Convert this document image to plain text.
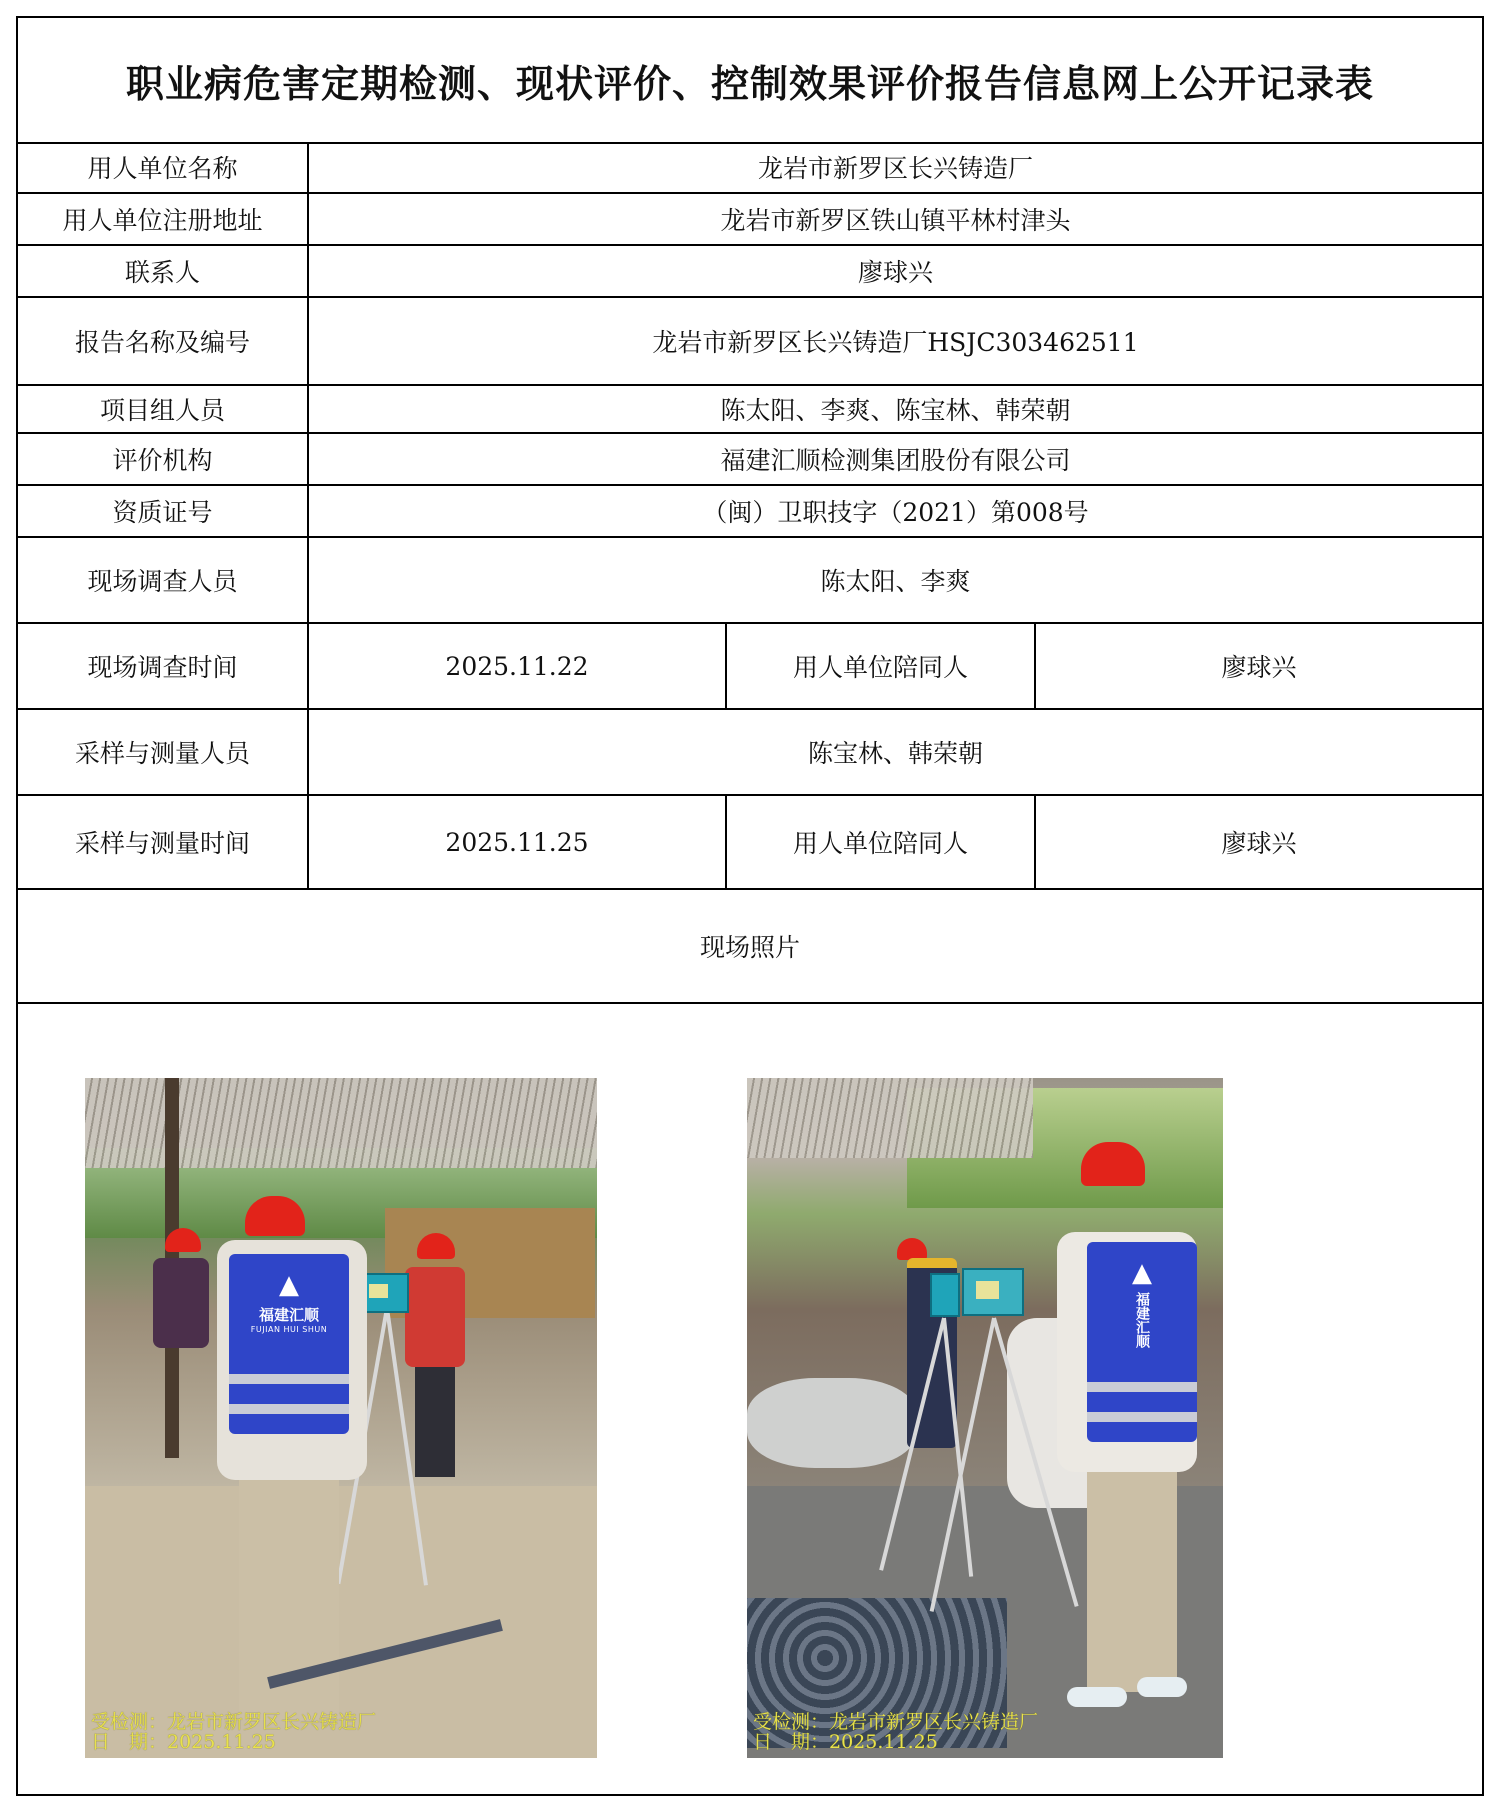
职业病危害定期检测、现状评价、控制效果评价报告信息网上公开记录表
用人单位名称	龙岩市新罗区长兴铸造厂
用人单位注册地址	龙岩市新罗区铁山镇平林村津头
联系人	廖球兴
报告名称及编号	龙岩市新罗区长兴铸造厂HSJC303462511
项目组人员	陈太阳、李爽、陈宝林、韩荣朝
评价机构	福建汇顺检测集团股份有限公司
资质证号	（闽）卫职技字（2021）第008号
现场调查人员	陈太阳、李爽
现场调查时间	2025.11.22	用人单位陪同人	廖球兴
采样与测量人员	陈宝林、韩荣朝
采样与测量时间	2025.11.25	用人单位陪同人	廖球兴
现场照片
▲
福建汇顺
FUJIAN HUI SHUN
受检测：龙岩市新罗区长兴铸造厂
日　期：2025.11.25
▲
福建汇顺
受检测：龙岩市新罗区长兴铸造厂
日　期：2025.11.25
